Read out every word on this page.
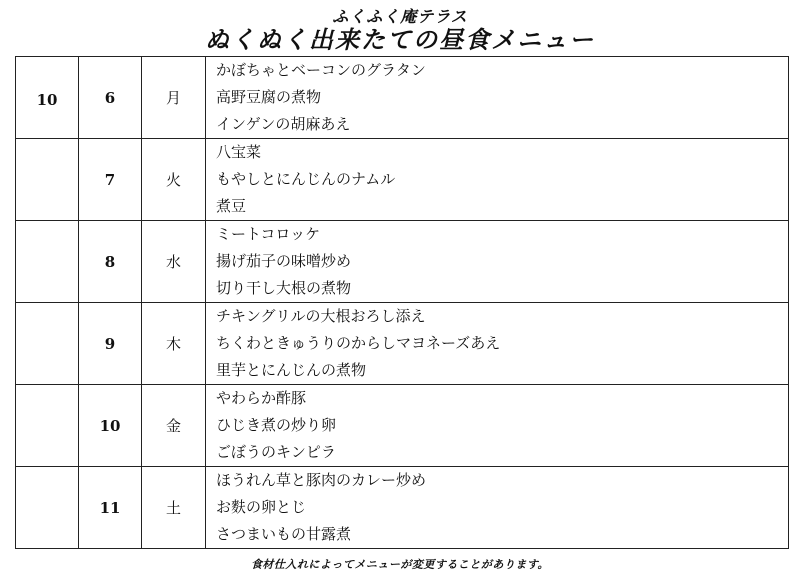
ふくふく庵テラス
ぬくぬく出来たての昼食メニュー
10	6	月	かぼちゃとベーコンのグラタン
高野豆腐の煮物
インゲンの胡麻あえ

	7	火	八宝菜
もやしとにんじんのナムル
煮豆

	8	水	ミートコロッケ
揚げ茄子の味噌炒め
切り干し大根の煮物

	9	木	チキングリルの大根おろし添え
ちくわときゅうりのからしマヨネーズあえ
里芋とにんじんの煮物

	10	金	やわらか酢豚
ひじき煮の炒り卵
ごぼうのキンピラ

	11	土	ほうれん草と豚肉のカレー炒め
お麩の卵とじ
さつまいもの甘露煮
食材仕入れによってメニューが変更することがあります。
